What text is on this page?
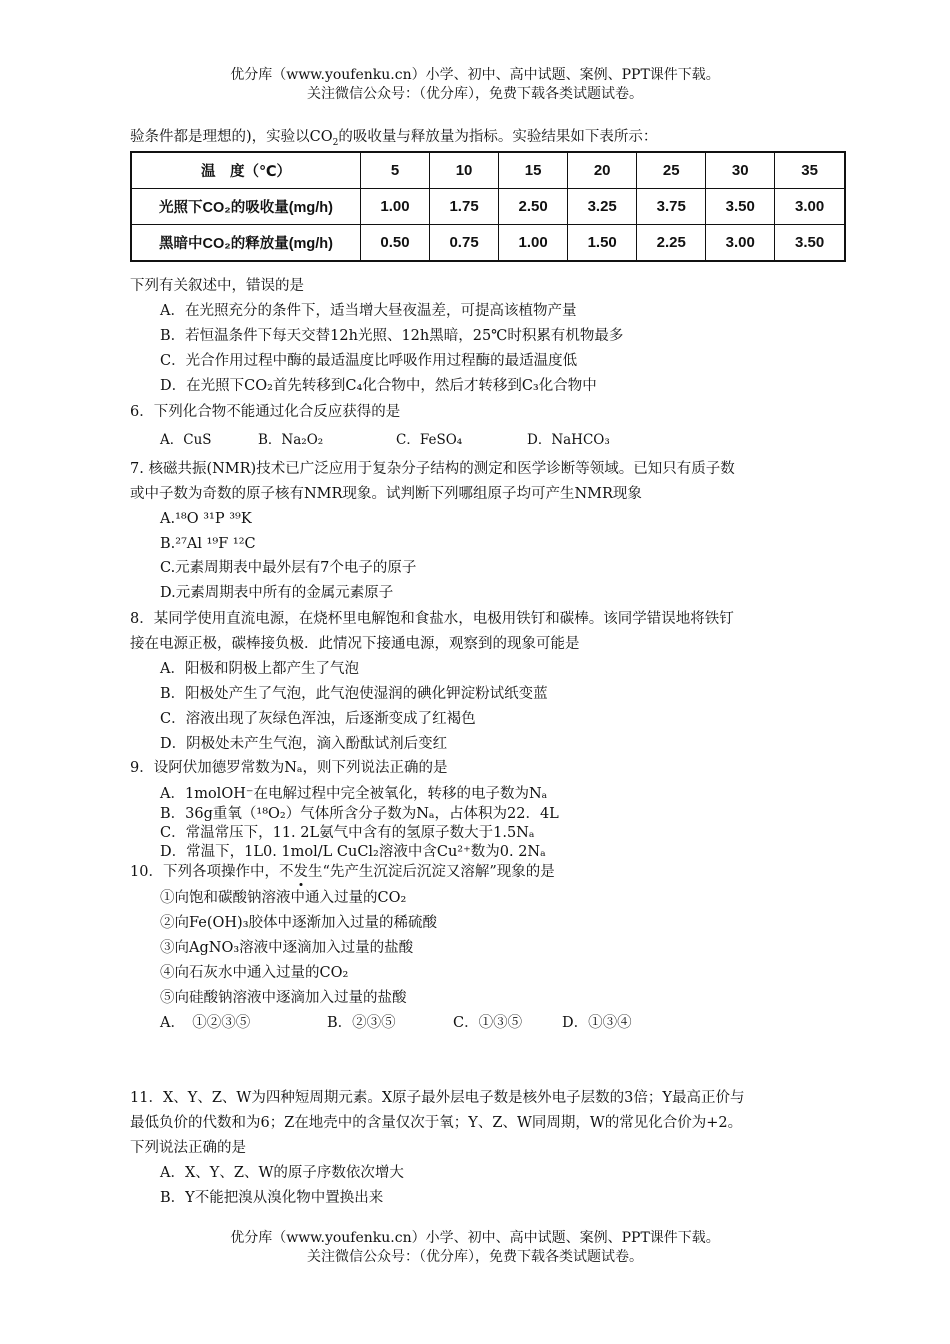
优分库（www.youfenku.cn）小学、初中、高中试题、案例、PPT课件下载。
关注微信公众号：（优分库），免费下载各类试题试卷。
验条件都是理想的)，实验以$CO_2$的吸收量与释放量为指标。实验结果如下表所示：
温　度（℃）	5	10	15	20	25	30	35
光照下CO₂的吸收量(mg/h)	1.00	1.75	2.50	3.25	3.75	3.50	3.00
黑暗中CO₂的释放量(mg/h)	0.50	0.75	1.00	1.50	2.25	3.00	3.50
下列有关叙述中，错误的是
A．在光照充分的条件下，适当增大昼夜温差，可提高该植物产量
B．若恒温条件下每天交替12h光照、12h黑暗，25℃时积累有机物最多
C．光合作用过程中酶的最适温度比呼吸作用过程酶的最适温度低
D．在光照下CO₂首先转移到C₄化合物中，然后才转移到C₃化合物中
6．下列化合物不能通过化合反应获得的是
A．CuS	B．Na₂O₂	C．FeSO₄	D．NaHCO₃
7. 核磁共振(NMR)技术已广泛应用于复杂分子结构的测定和医学诊断等领域。已知只有质子数
或中子数为奇数的原子核有NMR现象。试判断下列哪组原子均可产生NMR现象
A.¹⁸O ³¹P ³⁹K
B.²⁷Al ¹⁹F ¹²C
C.元素周期表中最外层有7个电子的原子
D.元素周期表中所有的金属元素原子
8．某同学使用直流电源，在烧杯里电解饱和食盐水，电极用铁钉和碳棒。该同学错误地将铁钉
接在电源正极，碳棒接负极．此情况下接通电源，观察到的现象可能是
A．阳极和阴极上都产生了气泡
B．阳极处产生了气泡，此气泡使湿润的碘化钾淀粉试纸变蓝
C．溶液出现了灰绿色浑浊，后逐渐变成了红褐色
D．阴极处未产生气泡，滴入酚酞试剂后变红
9．设阿伏加德罗常数为Nₐ，则下列说法正确的是
A．1molOH⁻在电解过程中完全被氧化，转移的电子数为Nₐ
B．36g重氧（¹⁸O₂）气体所含分子数为Nₐ，占体积为22．4L
C．常温常压下，11. 2L氨气中含有的氢原子数大于1.5Nₐ
D．常温下，1L0. 1mol/L CuCl₂溶液中含Cu²⁺数为0. 2Nₐ
10．下列各项操作中，不发生“先产生沉淀后沉淀又溶解”现象的是
①向饱和碳酸钠溶液中通入过量的CO₂
②向Fe(OH)₃胶体中逐渐加入过量的稀硫酸
③向AgNO₃溶液中逐滴加入过量的盐酸
④向石灰水中通入过量的CO₂
⑤向硅酸钠溶液中逐滴加入过量的盐酸
A．　①②③⑤	B．②③⑤	C．①③⑤	D．①③④
11．X、Y、Z、W为四种短周期元素。X原子最外层电子数是核外电子层数的3倍；Y最高正价与
最低负价的代数和为6；Z在地壳中的含量仅次于氧；Y、Z、W同周期，W的常见化合价为+2。
下列说法正确的是
A．X、Y、Z、W的原子序数依次增大
B．Y不能把溴从溴化物中置换出来
优分库（www.youfenku.cn）小学、初中、高中试题、案例、PPT课件下载。
关注微信公众号：（优分库），免费下载各类试题试卷。
